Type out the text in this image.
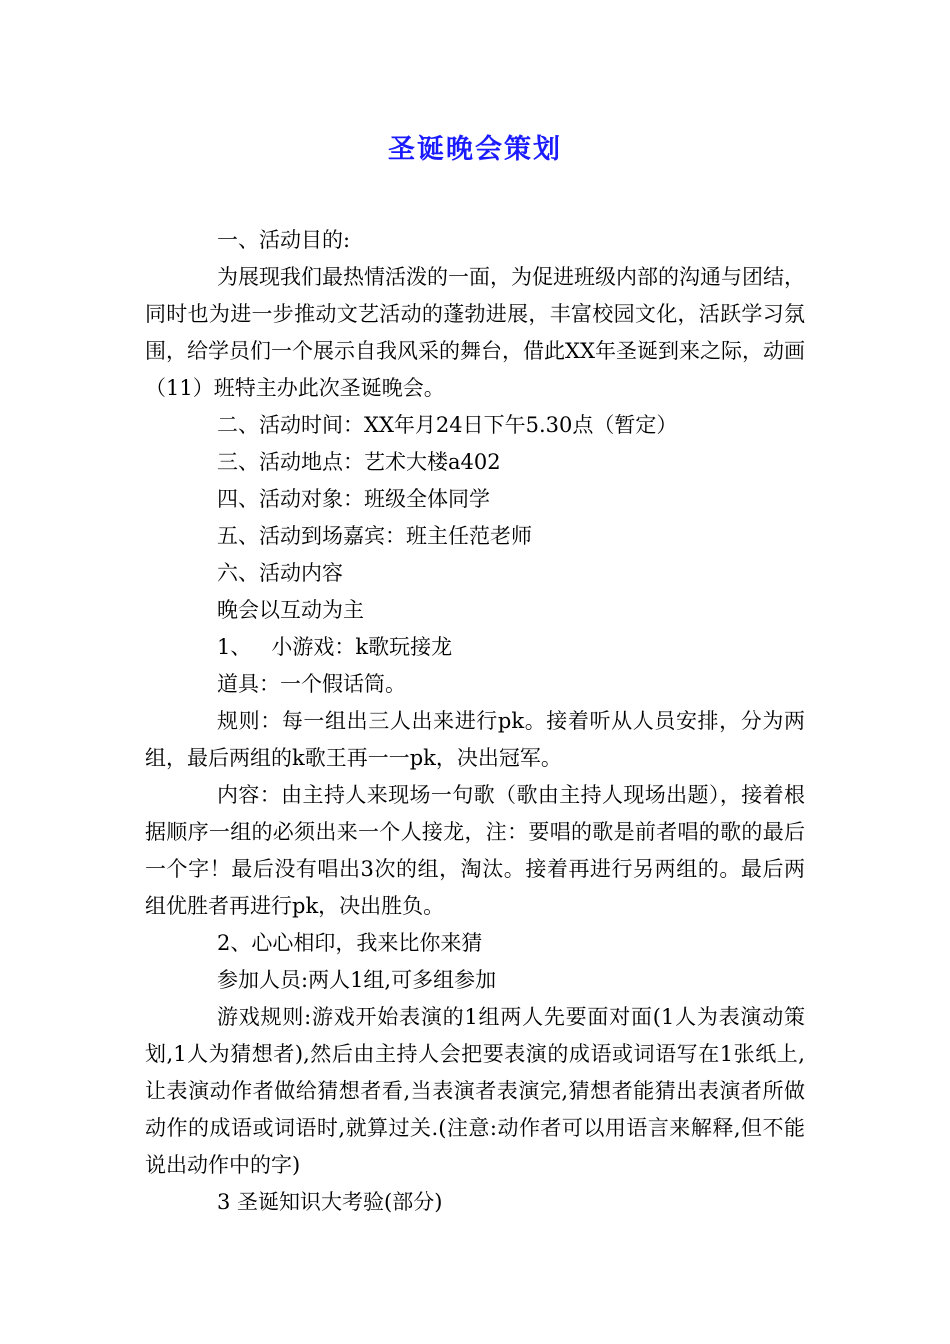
圣诞晚会策划

一、活动目的:

为展现我们最热情活泼的一面，为促进班级内部的沟通与团结，同时也为进一步推动文艺活动的蓬勃进展，丰富校园文化，活跃学习氛围，给学员们一个展示自我风采的舞台，借此XX年圣诞到来之际，动画（11）班特主办此次圣诞晚会。

二、活动时间：XX年月24日下午5.30点（暂定）

三、活动地点：艺术大楼a402

四、活动对象：班级全体同学

五、活动到场嘉宾：班主任范老师

六、活动内容

晚会以互动为主

1、   小游戏：k歌玩接龙

道具：一个假话筒。

规则：每一组出三人出来进行pk。接着听从人员安排，分为两组，最后两组的k歌王再一一pk，决出冠军。

内容：由主持人来现场一句歌（歌由主持人现场出题），接着根据顺序一组的必须出来一个人接龙，注：要唱的歌是前者唱的歌的最后一个字！最后没有唱出3次的组，淘汰。接着再进行另两组的。最后两组优胜者再进行pk，决出胜负。

2、心心相印，我来比你来猜

参加人员:两人1组,可多组参加

游戏规则:游戏开始表演的1组两人先要面对面(1人为表演动策划,1人为猜想者),然后由主持人会把要表演的成语或词语写在1张纸上,让表演动作者做给猜想者看,当表演者表演完,猜想者能猜出表演者所做动作的成语或词语时,就算过关.(注意:动作者可以用语言来解释,但不能说出动作中的字)

3 圣诞知识大考验(部分)
